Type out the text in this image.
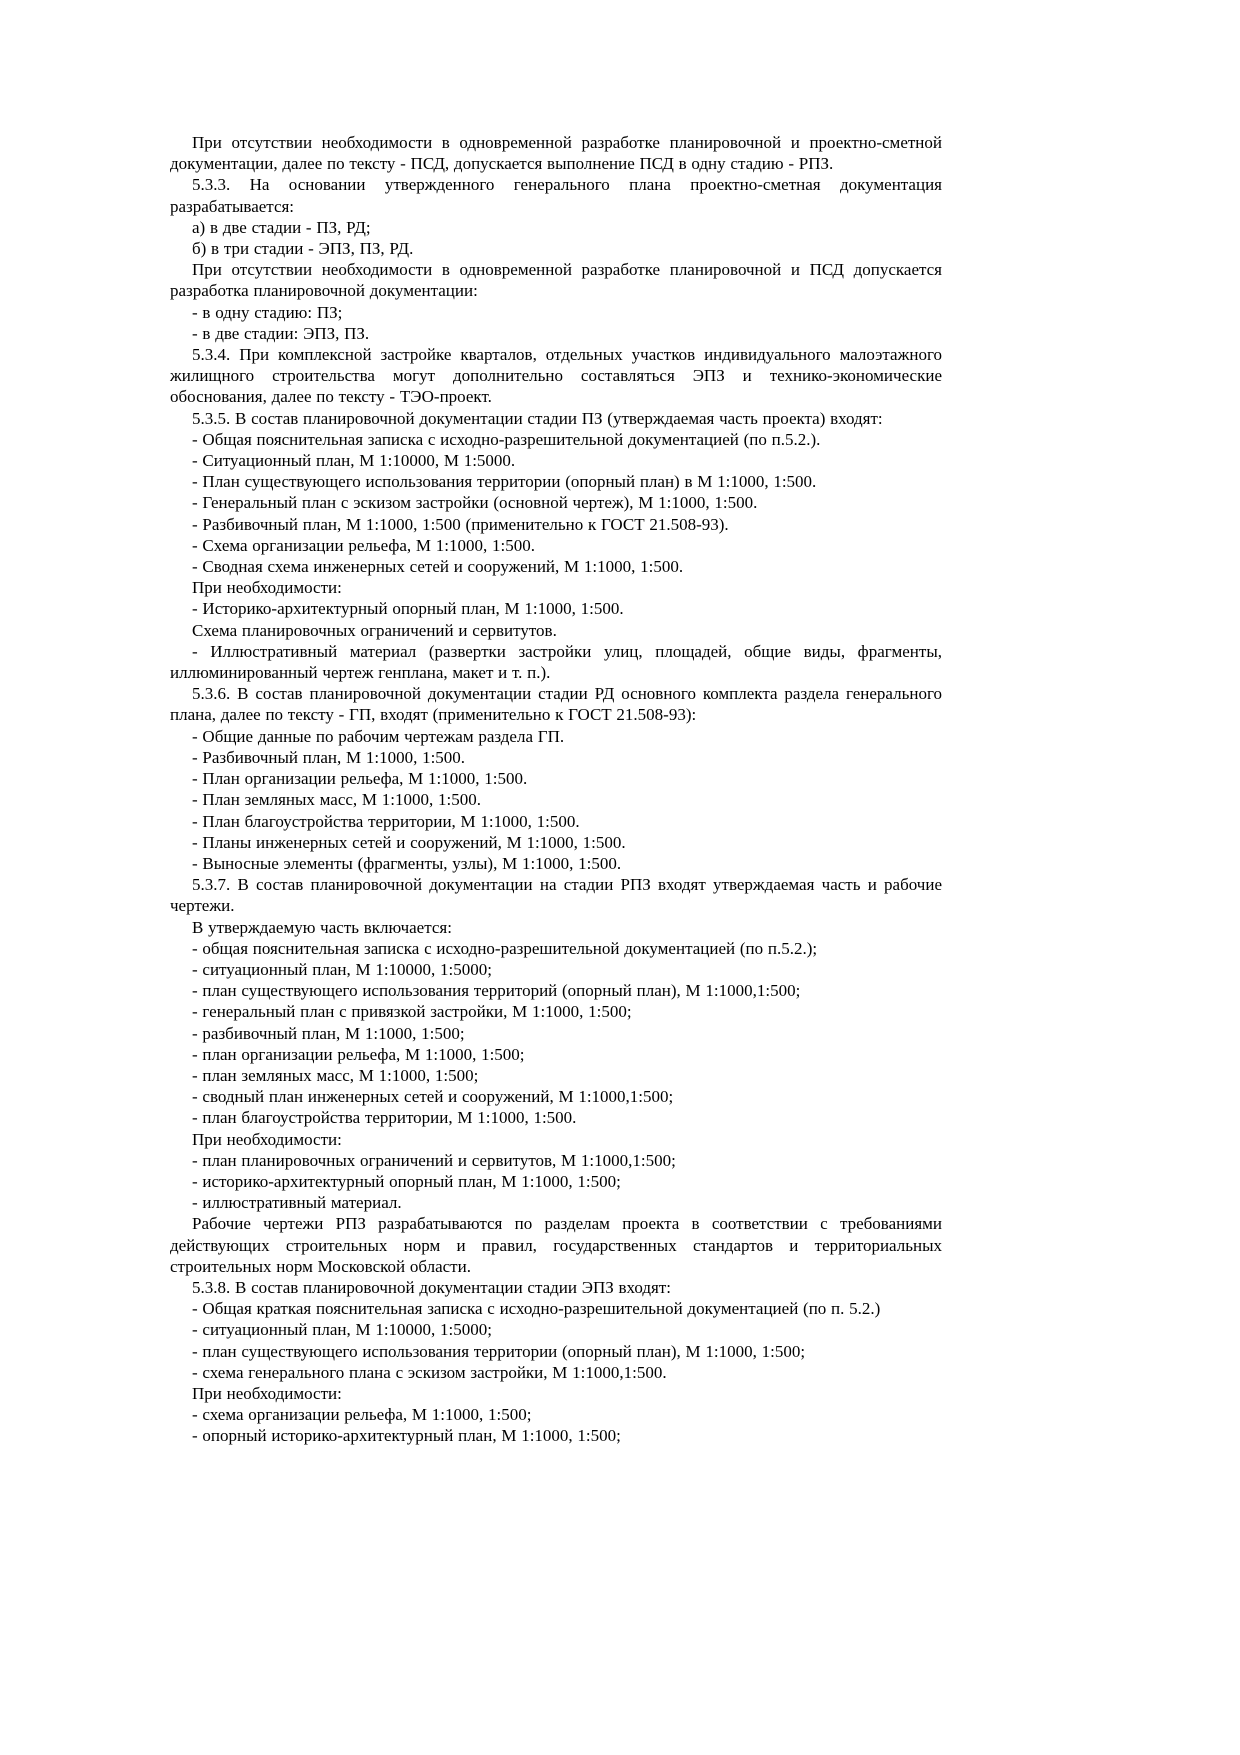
При отсутствии необходимости в одновременной разработке планировочной и проектно-сметной документации, далее по тексту - ПСД, допускается выполнение ПСД в одну стадию - РПЗ.

5.3.3. На основании утвержденного генерального плана проектно-сметная документация разрабатывается:

а) в две стадии - ПЗ, РД;

б) в три стадии - ЭПЗ, ПЗ, РД.

При отсутствии необходимости в одновременной разработке планировочной и ПСД допускается разработка планировочной документации:

- в одну стадию: ПЗ;

- в две стадии: ЭПЗ, ПЗ.

5.3.4. При комплексной застройке кварталов, отдельных участков индивидуального малоэтажного жилищного строительства могут дополнительно составляться ЭПЗ и технико-экономические обоснования, далее по тексту - ТЭО-проект.

5.3.5. В состав планировочной документации стадии ПЗ (утверждаемая часть проекта) входят:

- Общая пояснительная записка с исходно-разрешительной документацией (по п.5.2.).

- Ситуационный план, М 1:10000, М 1:5000.

- План существующего использования территории (опорный план) в М 1:1000, 1:500.

- Генеральный план с эскизом застройки (основной чертеж), М 1:1000, 1:500.

- Разбивочный план, М 1:1000, 1:500 (применительно к ГОСТ 21.508-93).

- Схема организации рельефа, М 1:1000, 1:500.

- Сводная схема инженерных сетей и сооружений, М 1:1000, 1:500.

При необходимости:

- Историко-архитектурный опорный план, М 1:1000, 1:500.

Схема планировочных ограничений и сервитутов.

- Иллюстративный материал (развертки застройки улиц, площадей, общие виды, фрагменты, иллюминированный чертеж генплана, макет и т. п.).

5.3.6. В состав планировочной документации стадии РД основного комплекта раздела генерального плана, далее по тексту - ГП, входят (применительно к ГОСТ 21.508-93):

- Общие данные по рабочим чертежам раздела ГП.

- Разбивочный план, М 1:1000, 1:500.

- План организации рельефа, М 1:1000, 1:500.

- План земляных масс, М 1:1000, 1:500.

- План благоустройства территории, М 1:1000, 1:500.

- Планы инженерных сетей и сооружений, М 1:1000, 1:500.

- Выносные элементы (фрагменты, узлы), М 1:1000, 1:500.

5.3.7. В состав планировочной документации на стадии РПЗ входят утверждаемая часть и рабочие чертежи.

В утверждаемую часть включается:

- общая пояснительная записка с исходно-разрешительной документацией (по п.5.2.);

- ситуационный план, М 1:10000, 1:5000;

- план существующего использования территорий (опорный план), М 1:1000,1:500;

- генеральный план с привязкой застройки, М 1:1000, 1:500;

- разбивочный план, М 1:1000, 1:500;

- план организации рельефа, М 1:1000, 1:500;

- план земляных масс, М 1:1000, 1:500;

- сводный план инженерных сетей и сооружений, М 1:1000,1:500;

- план благоустройства территории, М 1:1000, 1:500.

При необходимости:

- план планировочных ограничений и сервитутов, М 1:1000,1:500;

- историко-архитектурный опорный план, М 1:1000, 1:500;

- иллюстративный материал.

Рабочие чертежи РПЗ разрабатываются по разделам проекта в соответствии с требованиями действующих строительных норм и правил, государственных стандартов и территориальных строительных норм Московской области.

5.3.8. В состав планировочной документации стадии ЭПЗ входят:

- Общая краткая пояснительная записка с исходно-разрешительной документацией (по п. 5.2.)

- ситуационный план, М 1:10000, 1:5000;

- план существующего использования территории (опорный план), М 1:1000, 1:500;

- схема генерального плана с эскизом застройки, М 1:1000,1:500.

При необходимости:

- схема организации рельефа, М 1:1000, 1:500;

- опорный историко-архитектурный план, М 1:1000, 1:500;
